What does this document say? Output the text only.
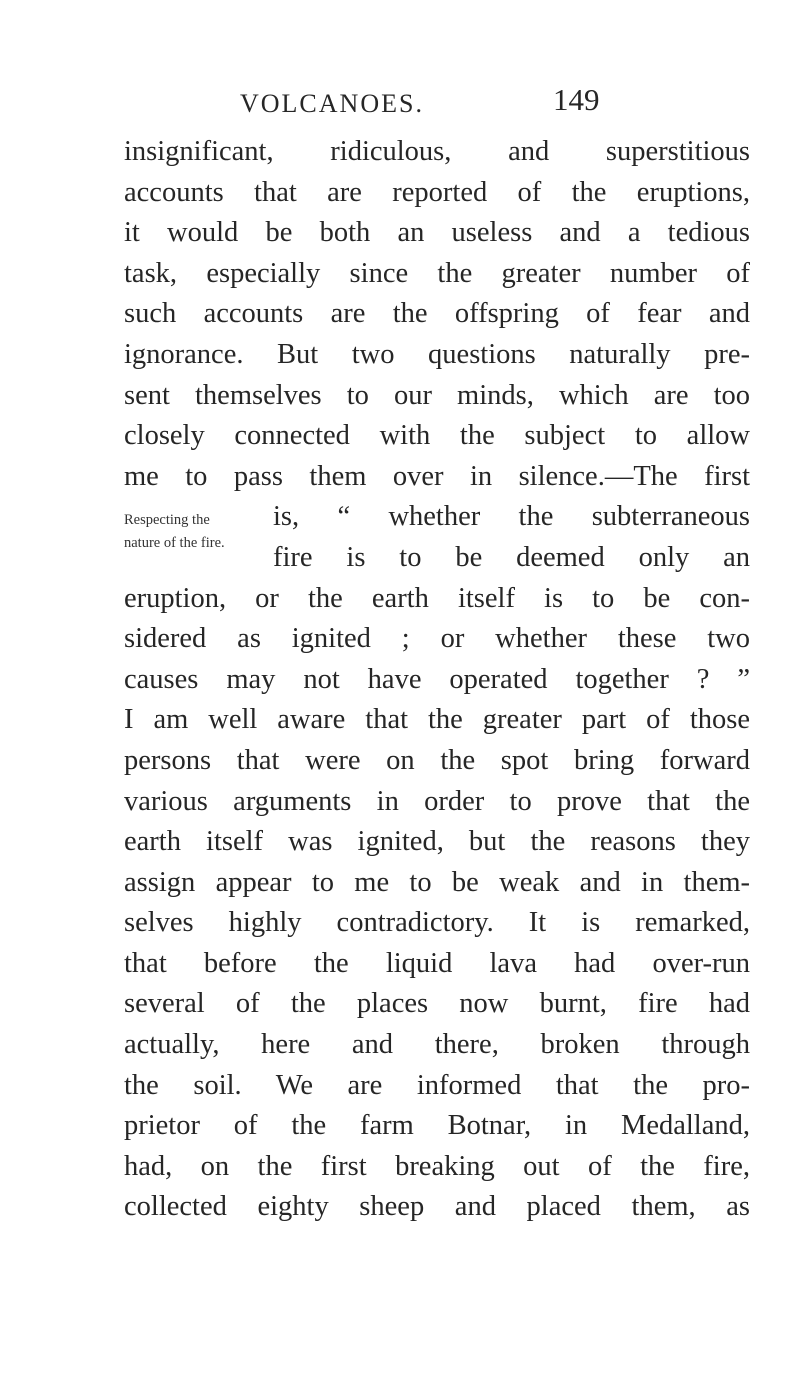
VOLCANOES.	149
Respecting the
nature of the fire.
insignificant, ridiculous, and superstitious
accounts that are reported of the eruptions,
it would be both an useless and a tedious
task, especially since the greater number of
such accounts are the offspring of fear and
ignorance. But two questions naturally pre-
sent themselves to our minds, which are too
closely connected with the subject to allow
me to pass them over in silence.—The first
is, “ whether the subterraneous
fire is to be deemed only an
eruption, or the earth itself is to be con-
sidered as ignited ; or whether these two
causes may not have operated together ? ”
I am well aware that the greater part of those
persons that were on the spot bring forward
various arguments in order to prove that the
earth itself was ignited, but the reasons they
assign appear to me to be weak and in them-
selves highly contradictory. It is remarked,
that before the liquid lava had over-run
several of the places now burnt, fire had
actually, here and there, broken through
the soil. We are informed that the pro-
prietor of the farm Botnar, in Medalland,
had, on the first breaking out of the fire,
collected eighty sheep and placed them, as
